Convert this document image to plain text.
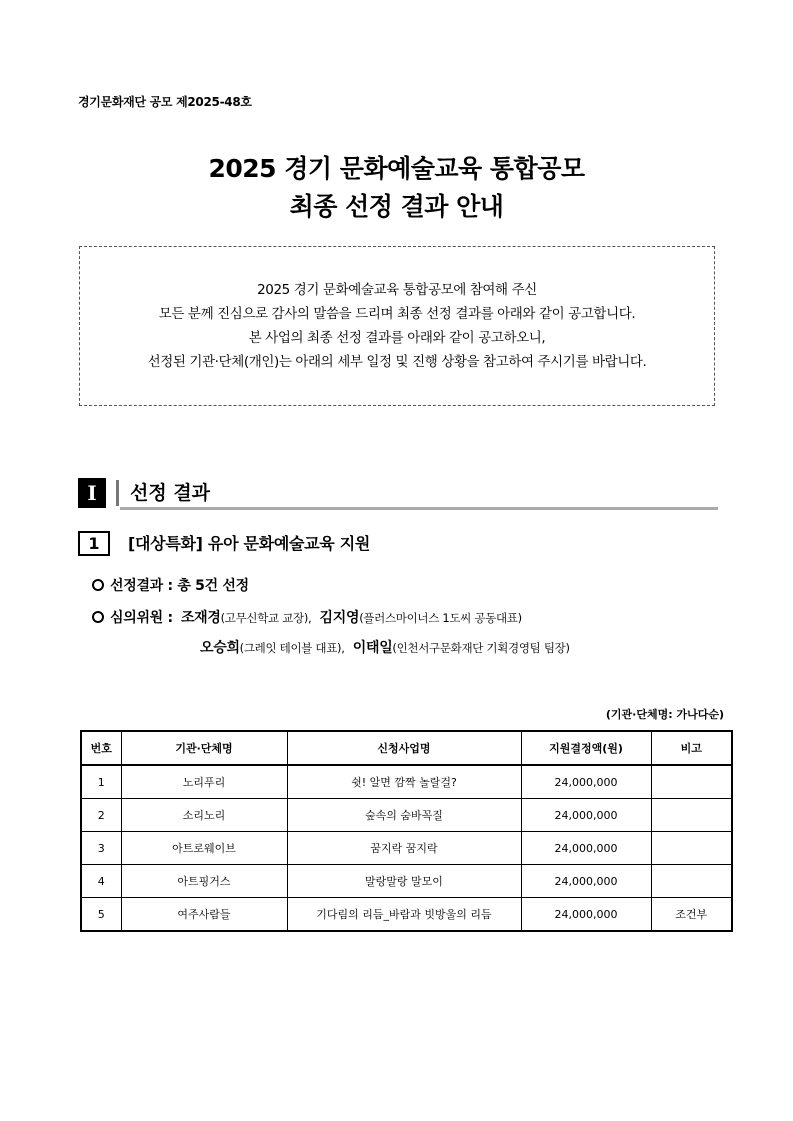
경기문화재단 공모 제2025-48호
2025 경기 문화예술교육 통합공모
최종 선정 결과 안내
2025 경기 문화예술교육 통합공모에 참여해 주신
모든 분께 진심으로 감사의 말씀을 드리며 최종 선정 결과를 아래와 같이 공고합니다.
본 사업의 최종 선정 결과를 아래와 같이 공고하오니,
선정된 기관·단체(개인)는 아래의 세부 일정 및 진행 상황을 참고하여 주시기를 바랍니다.
I	선정 결과
1	[대상특화] 유아 문화예술교육 지원
선정결과 : 총 5건 선정
심의위원 : 조재경(고무신학교 교장), 김지영(플러스마이너스 1도씨 공동대표)
오승희(그레잇 테이블 대표), 이태일(인천서구문화재단 기획경영팀 팀장)
(기관·단체명: 가나다순)
번호	기관·단체명	신청사업명	지원결정액(원)	비고
1	노리푸리	쉿! 알면 깜짝 놀랄걸?	24,000,000	
2	소리노리	숲속의 숨바꼭질	24,000,000	
3	아트로웨이브	꿈지락 꿈지락	24,000,000	
4	아트핑거스	말랑말랑 말모이	24,000,000	
5	여주사람들	기다림의 리듬_바람과 빗방울의 리듬	24,000,000	조건부
